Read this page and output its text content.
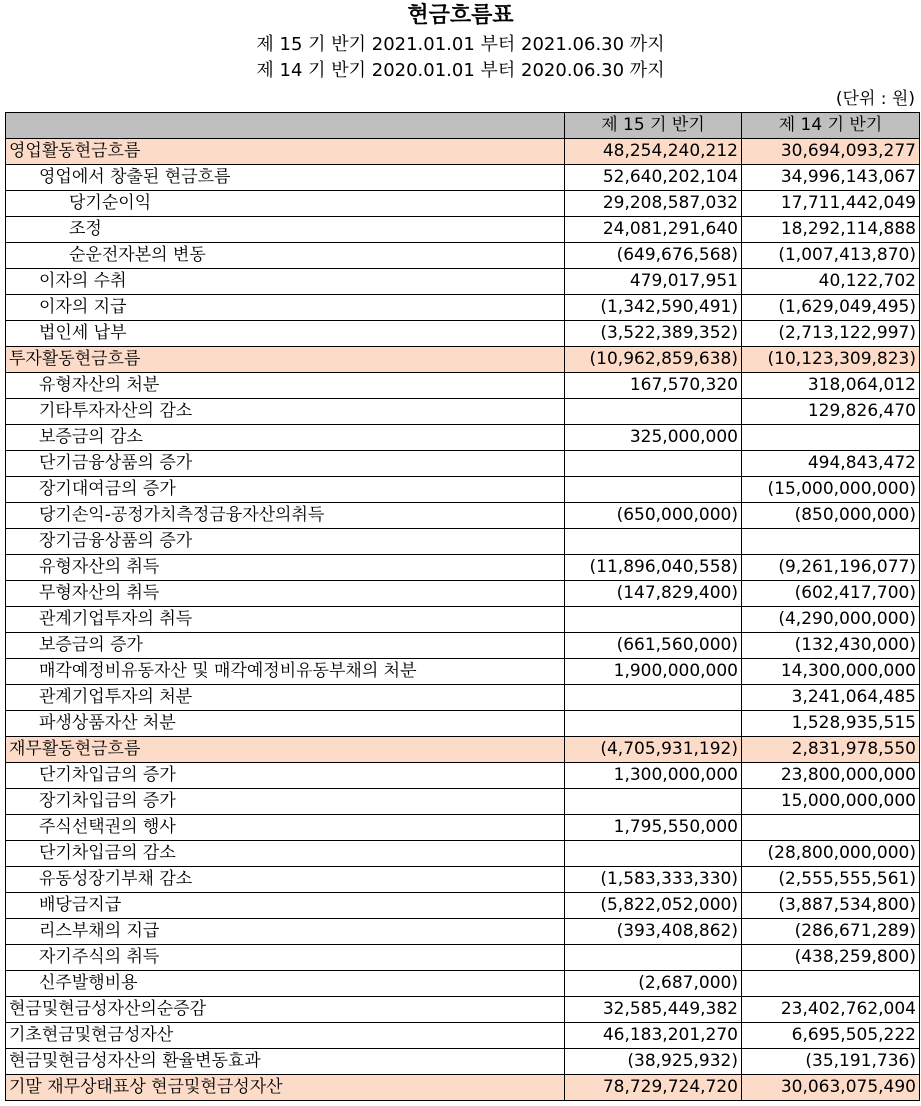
현금흐름표
제 15 기 반기 2021.01.01 부터 2021.06.30 까지
제 14 기 반기 2020.01.01 부터 2020.06.30 까지
(단위 : 원)
	제 15 기 반기	제 14 기 반기
영업활동현금흐름	48,254,240,212	30,694,093,277
영업에서 창출된 현금흐름	52,640,202,104	34,996,143,067
당기순이익	29,208,587,032	17,711,442,049
조정	24,081,291,640	18,292,114,888
순운전자본의 변동	(649,676,568)	(1,007,413,870)
이자의 수취	479,017,951	40,122,702
이자의 지급	(1,342,590,491)	(1,629,049,495)
법인세 납부	(3,522,389,352)	(2,713,122,997)
투자활동현금흐름	(10,962,859,638)	(10,123,309,823)
유형자산의 처분	167,570,320	318,064,012
기타투자자산의 감소		129,826,470
보증금의 감소	325,000,000	
단기금융상품의 증가		494,843,472
장기대여금의 증가		(15,000,000,000)
당기손익-공정가치측정금융자산의취득	(650,000,000)	(850,000,000)
장기금융상품의 증가		
유형자산의 취득	(11,896,040,558)	(9,261,196,077)
무형자산의 취득	(147,829,400)	(602,417,700)
관계기업투자의 취득		(4,290,000,000)
보증금의 증가	(661,560,000)	(132,430,000)
매각예정비유동자산 및 매각예정비유동부채의 처분	1,900,000,000	14,300,000,000
관계기업투자의 처분		3,241,064,485
파생상품자산 처분		1,528,935,515
재무활동현금흐름	(4,705,931,192)	2,831,978,550
단기차입금의 증가	1,300,000,000	23,800,000,000
장기차입금의 증가		15,000,000,000
주식선택권의 행사	1,795,550,000	
단기차입금의 감소		(28,800,000,000)
유동성장기부채 감소	(1,583,333,330)	(2,555,555,561)
배당금지급	(5,822,052,000)	(3,887,534,800)
리스부채의 지급	(393,408,862)	(286,671,289)
자기주식의 취득		(438,259,800)
신주발행비용	(2,687,000)	
현금및현금성자산의순증감	32,585,449,382	23,402,762,004
기초현금및현금성자산	46,183,201,270	6,695,505,222
현금및현금성자산의 환율변동효과	(38,925,932)	(35,191,736)
기말 재무상태표상 현금및현금성자산	78,729,724,720	30,063,075,490
